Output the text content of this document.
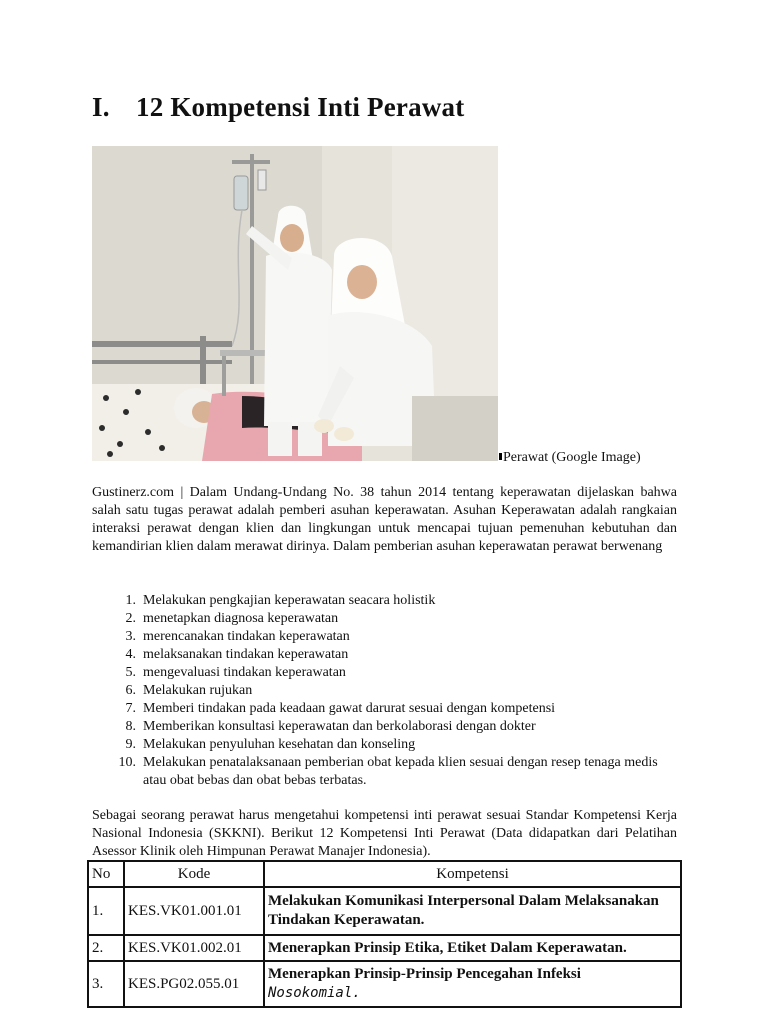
I. 12 Kompetensi Inti Perawat
Perawat (Google Image)

Gustinerz.com | Dalam Undang-Undang No. 38 tahun 2014 tentang keperawatan dijelaskan bahwa salah satu tugas perawat adalah pemberi asuhan keperawatan. Asuhan Keperawatan adalah rangkaian interaksi perawat dengan klien dan lingkungan untuk mencapai tujuan pemenuhan kebutuhan dan kemandirian klien dalam merawat dirinya. Dalam pemberian asuhan keperawatan perawat berwenang

1. Melakukan pengkajian keperawatan seacara holistik
2. menetapkan diagnosa keperawatan
3. merencanakan tindakan keperawatan
4. melaksanakan tindakan keperawatan
5. mengevaluasi tindakan keperawatan
6. Melakukan rujukan
7. Memberi tindakan pada keadaan gawat darurat sesuai dengan kompetensi
8. Memberikan konsultasi keperawatan dan berkolaborasi dengan dokter
9. Melakukan penyuluhan kesehatan dan konseling
10. Melakukan penatalaksanaan pemberian obat kepada klien sesuai dengan resep tenaga medis atau obat bebas dan obat bebas terbatas.

Sebagai seorang perawat harus mengetahui kompetensi inti perawat sesuai Standar Kompetensi Kerja Nasional Indonesia (SKKNI). Berikut 12 Kompetensi Inti Perawat (Data didapatkan dari Pelatihan Asessor Klinik oleh Himpunan Perawat Manajer Indonesia).

No	Kode	Kompetensi
1.	KES.VK01.001.01	Melakukan Komunikasi Interpersonal Dalam Melaksanakan Tindakan Keperawatan.
2.	KES.VK01.002.01	Menerapkan Prinsip Etika, Etiket Dalam Keperawatan.
3.	KES.PG02.055.01	Menerapkan Prinsip-Prinsip Pencegahan Infeksi
Nosokomial.
